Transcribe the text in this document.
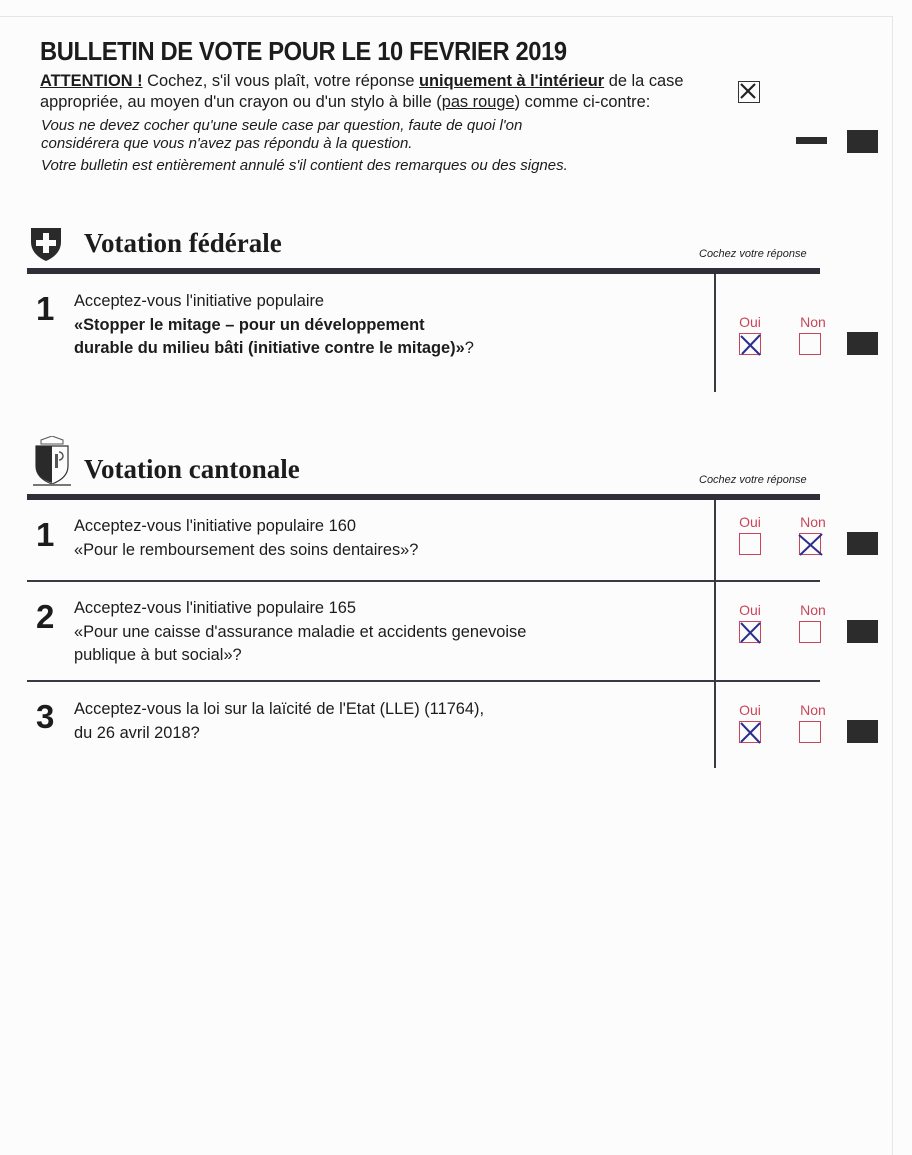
BULLETIN DE VOTE POUR LE 10 FEVRIER 2019
ATTENTION ! Cochez, s'il vous plaît, votre réponse uniquement à l'intérieur de la case
appropriée, au moyen d'un crayon ou d'un stylo à bille (pas rouge) comme ci-contre:
Vous ne devez cocher qu'une seule case par question, faute de quoi l'on
considérera que vous n'avez pas répondu à la question.
Votre bulletin est entièrement annulé s'il contient des remarques ou des signes.
Votation fédérale	Cochez votre réponse
1 Acceptez-vous l'initiative populaire
«Stopper le mitage – pour un développement
durable du milieu bâti (initiative contre le mitage)»?
Oui	Non
Votation cantonale	Cochez votre réponse
1 Acceptez-vous l'initiative populaire 160
«Pour le remboursement des soins dentaires»?
Oui	Non
2 Acceptez-vous l'initiative populaire 165
«Pour une caisse d'assurance maladie et accidents genevoise
publique à but social»?
Oui	Non
3 Acceptez-vous la loi sur la laïcité de l'Etat (LLE) (11764),
du 26 avril 2018?
Oui	Non
